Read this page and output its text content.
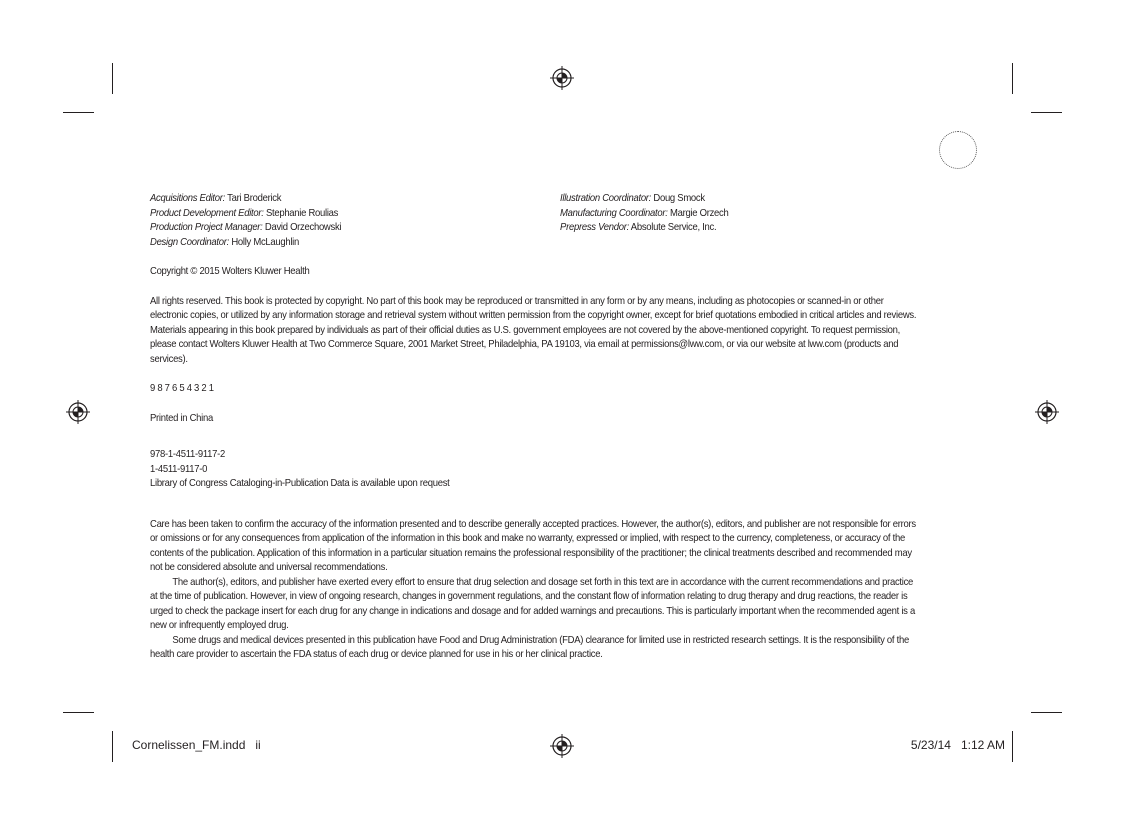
Acquisitions Editor: Tari Broderick
Product Development Editor: Stephanie Roulias
Production Project Manager: David Orzechowski
Design Coordinator: Holly McLaughlin
Illustration Coordinator: Doug Smock
Manufacturing Coordinator: Margie Orzech
Prepress Vendor: Absolute Service, Inc.

Copyright © 2015 Wolters Kluwer Health

All rights reserved. This book is protected by copyright. No part of this book may be reproduced or transmitted in any form or by any means, including as photocopies or scanned-in or other electronic copies, or utilized by any information storage and retrieval system without written permission from the copyright owner, except for brief quotations embodied in critical articles and reviews. Materials appearing in this book prepared by individuals as part of their official duties as U.S. government employees are not covered by the above-mentioned copyright. To request permission, please contact Wolters Kluwer Health at Two Commerce Square, 2001 Market Street, Philadelphia, PA 19103, via email at permissions@lww.com, or via our website at lww.com (products and services).

9 8 7 6 5 4 3 2 1

Printed in China

978-1-4511-9117-2
1-4511-9117-0
Library of Congress Cataloging-in-Publication Data is available upon request

Care has been taken to confirm the accuracy of the information presented and to describe generally accepted practices. However, the author(s), editors, and publisher are not responsible for errors or omissions or for any consequences from application of the information in this book and make no warranty, expressed or implied, with respect to the currency, completeness, or accuracy of the contents of the publication. Application of this information in a particular situation remains the professional responsibility of the practitioner; the clinical treatments described and recommended may not be considered absolute and universal recommendations.

The author(s), editors, and publisher have exerted every effort to ensure that drug selection and dosage set forth in this text are in accordance with the current recommendations and practice at the time of publication. However, in view of ongoing research, changes in government regulations, and the constant flow of information relating to drug therapy and drug reactions, the reader is urged to check the package insert for each drug for any change in indications and dosage and for added warnings and precautions. This is particularly important when the recommended agent is a new or infrequently employed drug.

Some drugs and medical devices presented in this publication have Food and Drug Administration (FDA) clearance for limited use in restricted research settings. It is the responsibility of the health care provider to ascertain the FDA status of each drug or device planned for use in his or her clinical practice.

Cornelissen_FM.indd   ii	5/23/14   1:12 AM
